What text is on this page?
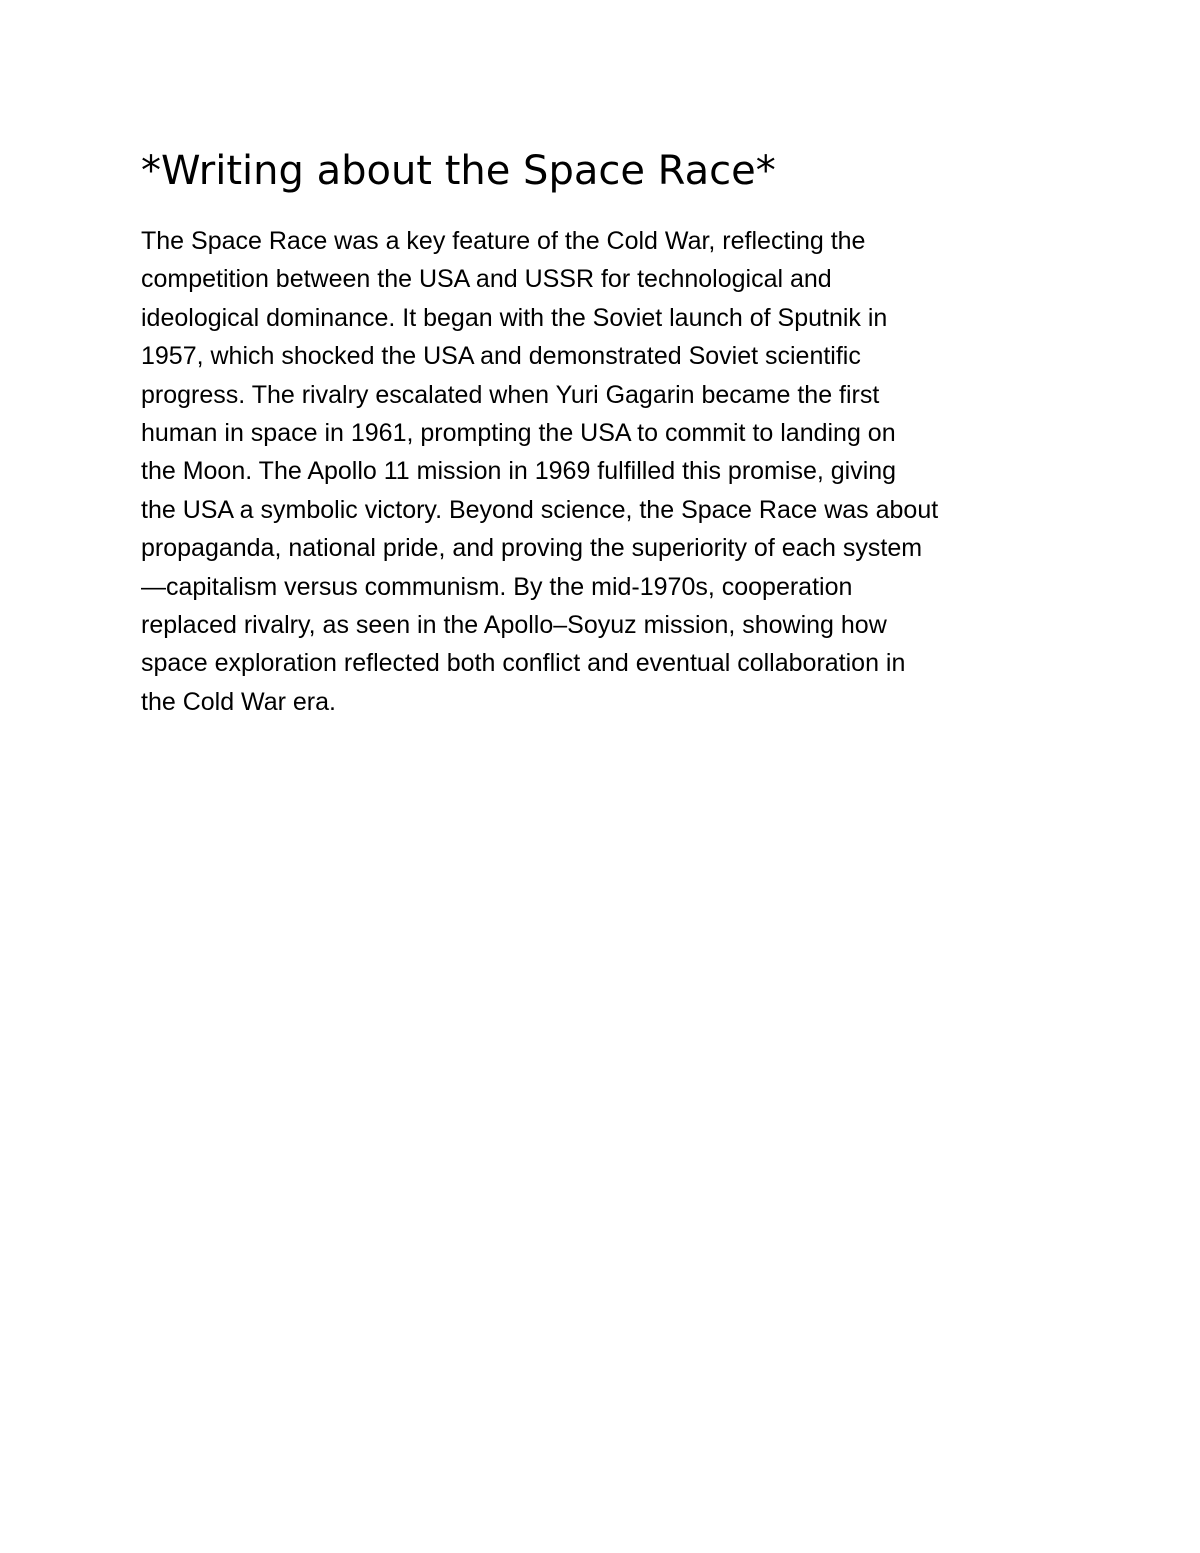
*Writing about the Space Race*
The Space Race was a key feature of the Cold War, reflecting the
competition between the USA and USSR for technological and
ideological dominance. It began with the Soviet launch of Sputnik in
1957, which shocked the USA and demonstrated Soviet scientific
progress. The rivalry escalated when Yuri Gagarin became the first
human in space in 1961, prompting the USA to commit to landing on
the Moon. The Apollo 11 mission in 1969 fulfilled this promise, giving
the USA a symbolic victory. Beyond science, the Space Race was about
propaganda, national pride, and proving the superiority of each system
—capitalism versus communism. By the mid-1970s, cooperation
replaced rivalry, as seen in the Apollo–Soyuz mission, showing how
space exploration reflected both conflict and eventual collaboration in
the Cold War era.
